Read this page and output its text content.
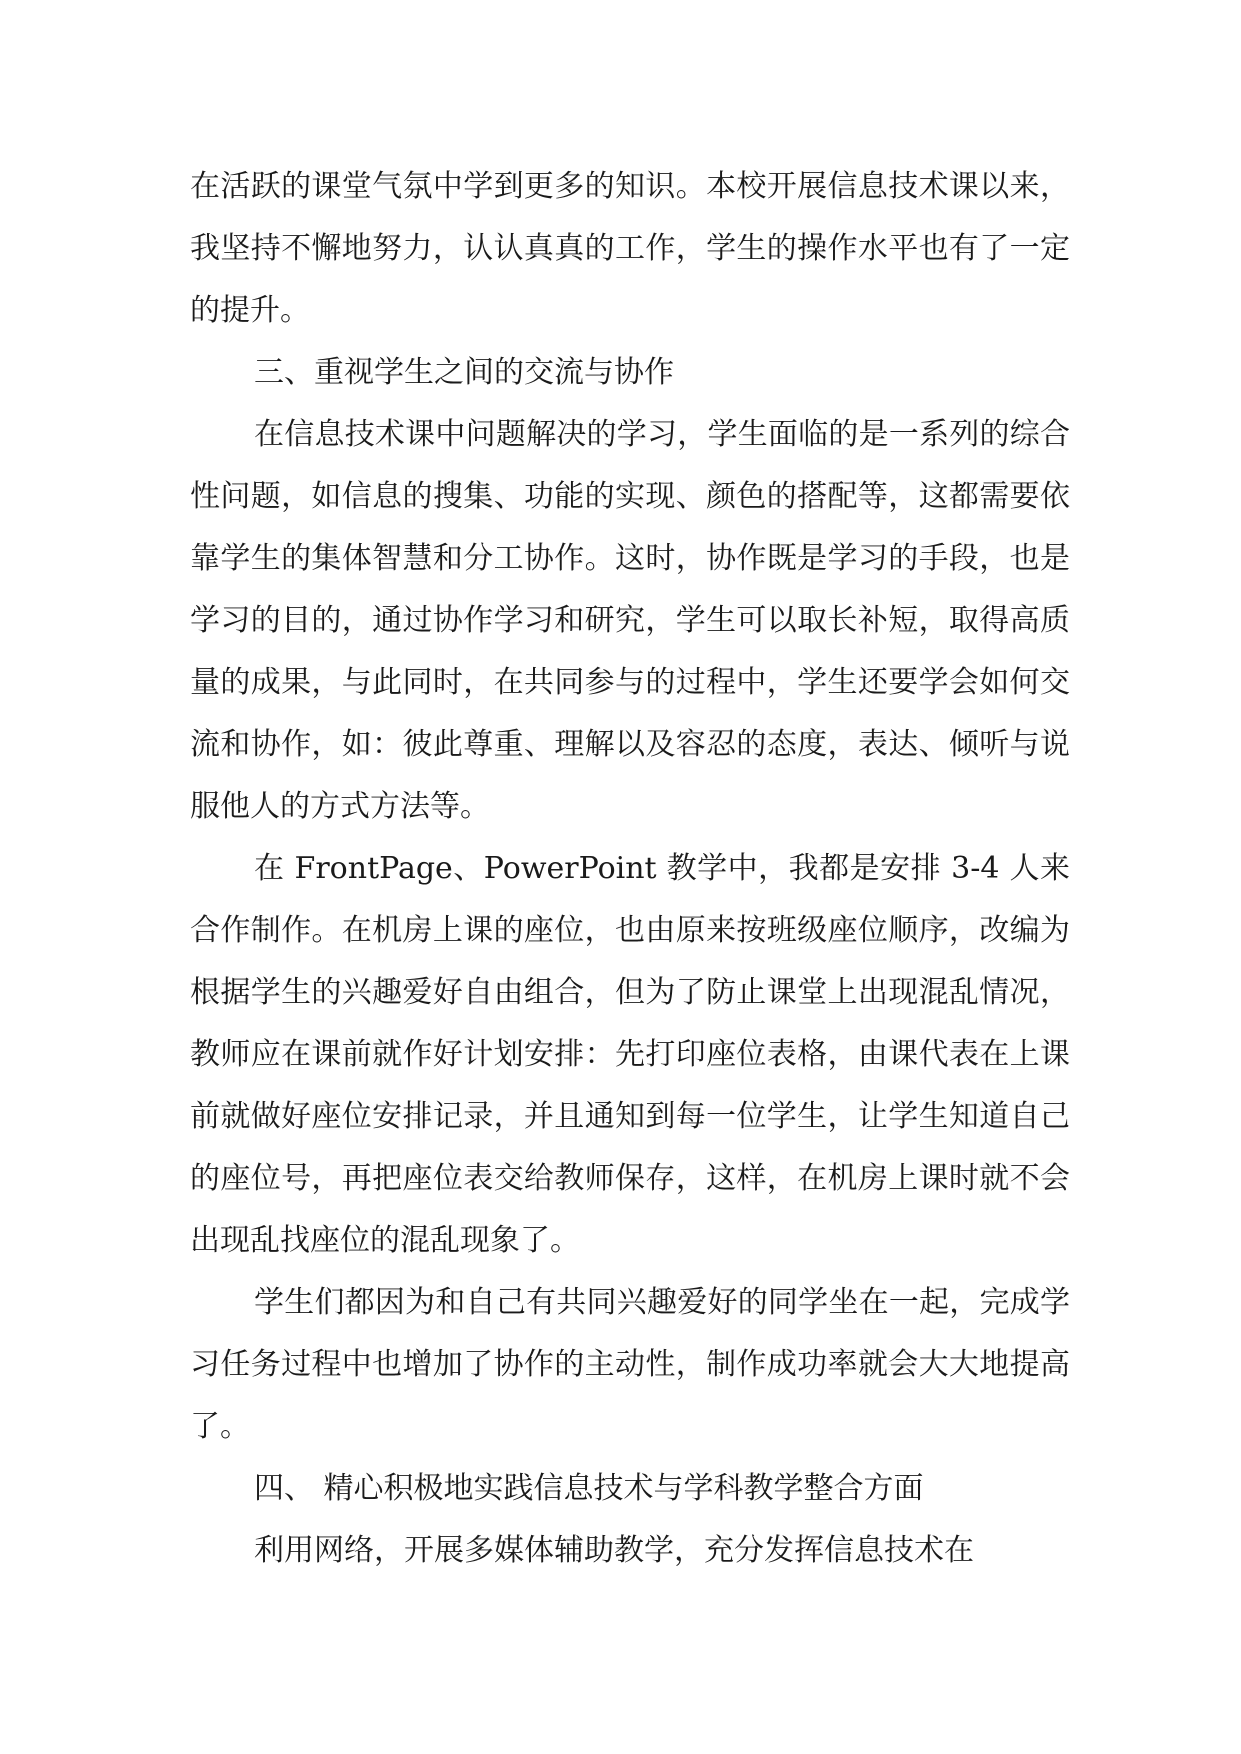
在活跃的课堂气氛中学到更多的知识。本校开展信息技术课以来，我坚持不懈地努力，认认真真的工作，学生的操作水平也有了一定的提升。

三、重视学生之间的交流与协作

在信息技术课中问题解决的学习，学生面临的是一系列的综合性问题，如信息的搜集、功能的实现、颜色的搭配等，这都需要依靠学生的集体智慧和分工协作。这时，协作既是学习的手段，也是学习的目的，通过协作学习和研究，学生可以取长补短，取得高质量的成果，与此同时，在共同参与的过程中，学生还要学会如何交流和协作，如：彼此尊重、理解以及容忍的态度，表达、倾听与说服他人的方式方法等。

在 FrontPage、PowerPoint 教学中，我都是安排 3-4 人来合作制作。在机房上课的座位，也由原来按班级座位顺序，改编为根据学生的兴趣爱好自由组合，但为了防止课堂上出现混乱情况，教师应在课前就作好计划安排：先打印座位表格，由课代表在上课前就做好座位安排记录，并且通知到每一位学生，让学生知道自己的座位号，再把座位表交给教师保存，这样，在机房上课时就不会出现乱找座位的混乱现象了。

学生们都因为和自己有共同兴趣爱好的同学坐在一起，完成学习任务过程中也增加了协作的主动性，制作成功率就会大大地提高了。

四、 精心积极地实践信息技术与学科教学整合方面

利用网络，开展多媒体辅助教学，充分发挥信息技术在
